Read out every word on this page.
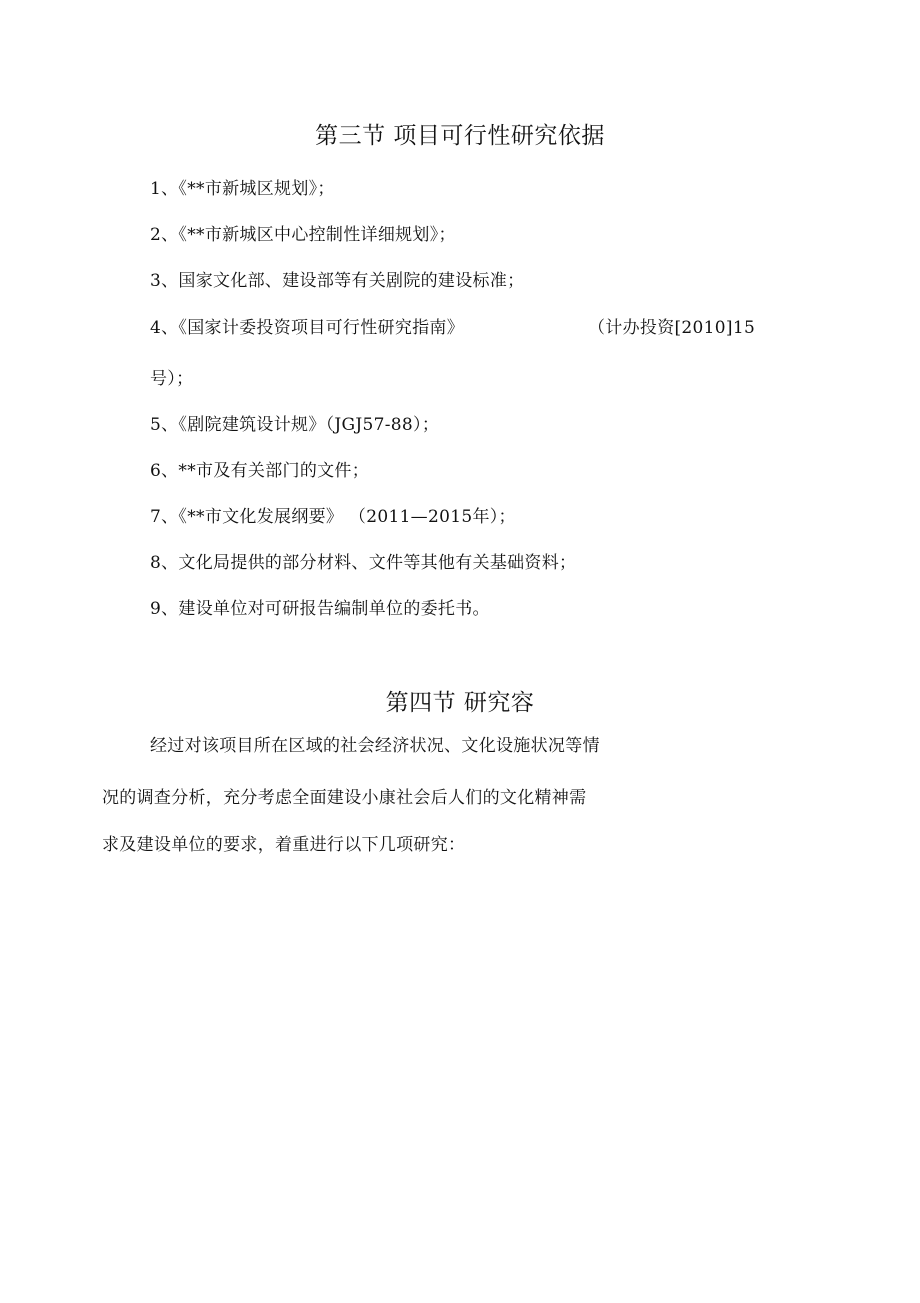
第三节 项目可行性研究依据
1、《**市新城区规划》；
2、《**市新城区中心控制性详细规划》；
3、国家文化部、建设部等有关剧院的建设标准；
4、《国家计委投资项目可行性研究指南》	（计办投资[2010]15
号）；
5、《剧院建筑设计规》（JGJ57-88）；
6、**市及有关部门的文件；
7、《**市文化发展纲要》 （2011—2015年）；
8、文化局提供的部分材料、文件等其他有关基础资料；
9、建设单位对可研报告编制单位的委托书。
第四节 研究容
经过对该项目所在区域的社会经济状况、文化设施状况等情
况的调查分析，充分考虑全面建设小康社会后人们的文化精神需
求及建设单位的要求，着重进行以下几项研究：
